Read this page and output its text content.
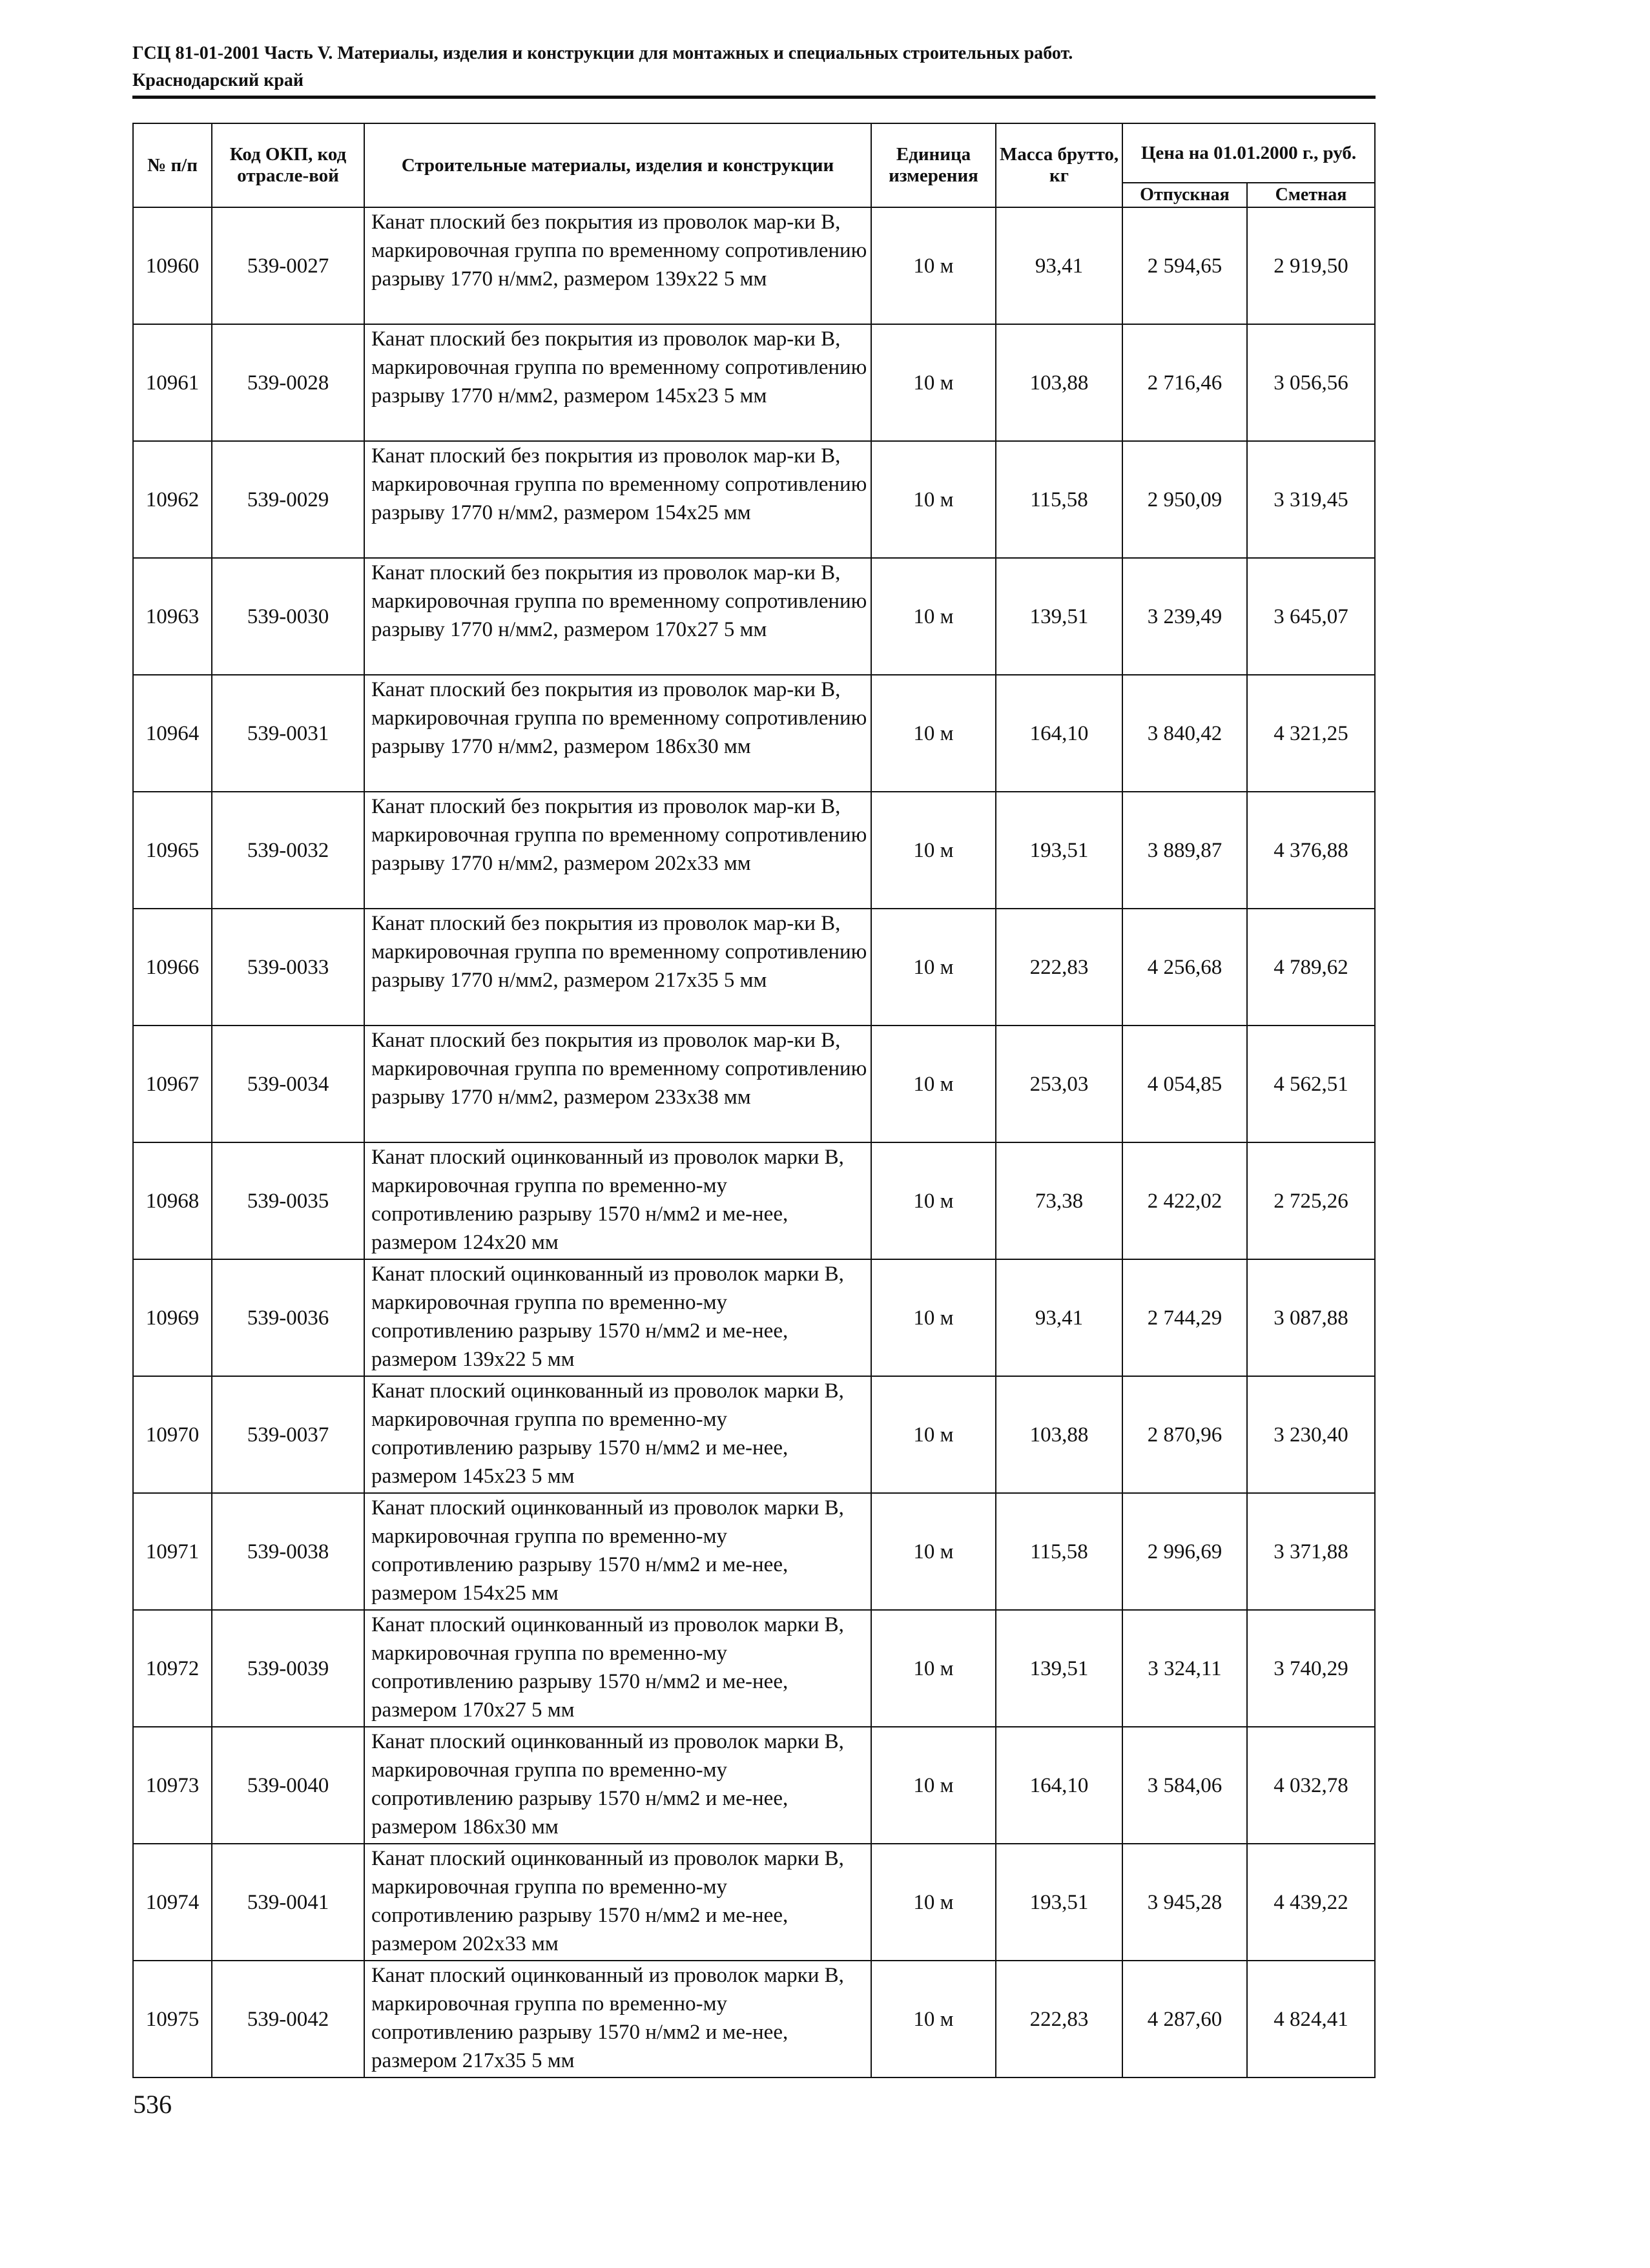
ГСЦ 81-01-2001 Часть V. Материалы, изделия и конструкции для монтажных и специальных строительных работ.
Краснодарский край
№ п/п	Код ОКП, код отрасле-вой	Строительные материалы, изделия и конструкции	Единица измерения	Масса брутто, кг	Цена на 01.01.2000 г., руб.	
					Отпускная	Сметная
10960	539-0027	Канат плоский без покрытия из проволок мар-ки В, маркировочная группа по временному сопротивлению разрыву 1770 н/мм2, размером 139х22 5 мм	10 м	93,41	2 594,65	2 919,50
10961	539-0028	Канат плоский без покрытия из проволок мар-ки В, маркировочная группа по временному сопротивлению разрыву 1770 н/мм2, размером 145х23 5 мм	10 м	103,88	2 716,46	3 056,56
10962	539-0029	Канат плоский без покрытия из проволок мар-ки В, маркировочная группа по временному сопротивлению разрыву 1770 н/мм2, размером 154х25 мм	10 м	115,58	2 950,09	3 319,45
10963	539-0030	Канат плоский без покрытия из проволок мар-ки В, маркировочная группа по временному сопротивлению разрыву 1770 н/мм2, размером 170х27 5 мм	10 м	139,51	3 239,49	3 645,07
10964	539-0031	Канат плоский без покрытия из проволок мар-ки В, маркировочная группа по временному сопротивлению разрыву 1770 н/мм2, размером 186х30 мм	10 м	164,10	3 840,42	4 321,25
10965	539-0032	Канат плоский без покрытия из проволок мар-ки В, маркировочная группа по временному сопротивлению разрыву 1770 н/мм2, размером 202х33 мм	10 м	193,51	3 889,87	4 376,88
10966	539-0033	Канат плоский без покрытия из проволок мар-ки В, маркировочная группа по временному сопротивлению разрыву 1770 н/мм2, размером 217х35 5 мм	10 м	222,83	4 256,68	4 789,62
10967	539-0034	Канат плоский без покрытия из проволок мар-ки В, маркировочная группа по временному сопротивлению разрыву 1770 н/мм2, размером 233х38 мм	10 м	253,03	4 054,85	4 562,51
10968	539-0035	Канат плоский оцинкованный из проволок марки В, маркировочная группа по временно-му сопротивлению разрыву 1570 н/мм2 и ме-нее, размером 124х20 мм	10 м	73,38	2 422,02	2 725,26
10969	539-0036	Канат плоский оцинкованный из проволок марки В, маркировочная группа по временно-му сопротивлению разрыву 1570 н/мм2 и ме-нее, размером 139х22 5 мм	10 м	93,41	2 744,29	3 087,88
10970	539-0037	Канат плоский оцинкованный из проволок марки В, маркировочная группа по временно-му сопротивлению разрыву 1570 н/мм2 и ме-нее, размером 145х23 5 мм	10 м	103,88	2 870,96	3 230,40
10971	539-0038	Канат плоский оцинкованный из проволок марки В, маркировочная группа по временно-му сопротивлению разрыву 1570 н/мм2 и ме-нее, размером 154х25 мм	10 м	115,58	2 996,69	3 371,88
10972	539-0039	Канат плоский оцинкованный из проволок марки В, маркировочная группа по временно-му сопротивлению разрыву 1570 н/мм2 и ме-нее, размером 170х27 5 мм	10 м	139,51	3 324,11	3 740,29
10973	539-0040	Канат плоский оцинкованный из проволок марки В, маркировочная группа по временно-му сопротивлению разрыву 1570 н/мм2 и ме-нее, размером 186х30 мм	10 м	164,10	3 584,06	4 032,78
10974	539-0041	Канат плоский оцинкованный из проволок марки В, маркировочная группа по временно-му сопротивлению разрыву 1570 н/мм2 и ме-нее, размером 202х33 мм	10 м	193,51	3 945,28	4 439,22
10975	539-0042	Канат плоский оцинкованный из проволок марки В, маркировочная группа по временно-му сопротивлению разрыву 1570 н/мм2 и ме-нее, размером 217х35 5 мм	10 м	222,83	4 287,60	4 824,41
536
